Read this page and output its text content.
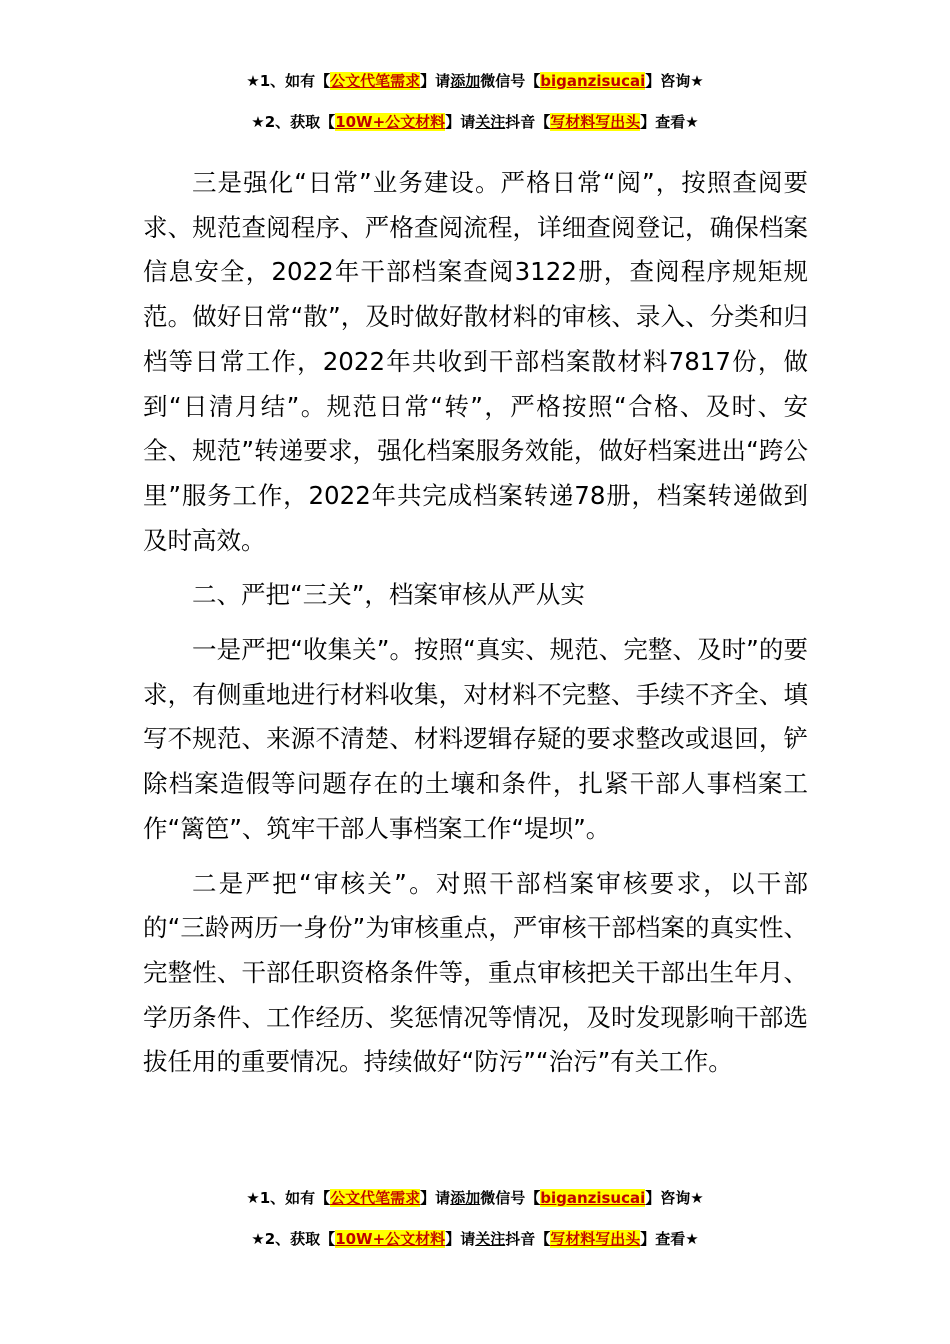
★1、如有【公文代笔需求】请添加微信号【biganzisucai】咨询★
★2、获取【10W+公文材料】请关注抖音【写材料写出头】查看★

三是强化“日常”业务建设。严格日常“阅”，按照查阅要求、规范查阅程序、严格查阅流程，详细查阅登记，确保档案信息安全，2022年干部档案查阅3122册，查阅程序规矩规范。做好日常“散”，及时做好散材料的审核、录入、分类和归档等日常工作，2022年共收到干部档案散材料7817份，做到“日清月结”。规范日常“转”，严格按照“合格、及时、安全、规范”转递要求，强化档案服务效能，做好档案进出“跨公里”服务工作，2022年共完成档案转递78册，档案转递做到及时高效。

二、严把“三关”，档案审核从严从实

一是严把“收集关”。按照“真实、规范、完整、及时”的要求，有侧重地进行材料收集，对材料不完整、手续不齐全、填写不规范、来源不清楚、材料逻辑存疑的要求整改或退回，铲除档案造假等问题存在的土壤和条件，扎紧干部人事档案工作“篱笆”、筑牢干部人事档案工作“堤坝”。

二是严把“审核关”。对照干部档案审核要求，以干部的“三龄两历一身份”为审核重点，严审核干部档案的真实性、完整性、干部任职资格条件等，重点审核把关干部出生年月、学历条件、工作经历、奖惩情况等情况，及时发现影响干部选拔任用的重要情况。持续做好“防污”“治污”有关工作。

★1、如有【公文代笔需求】请添加微信号【biganzisucai】咨询★
★2、获取【10W+公文材料】请关注抖音【写材料写出头】查看★
